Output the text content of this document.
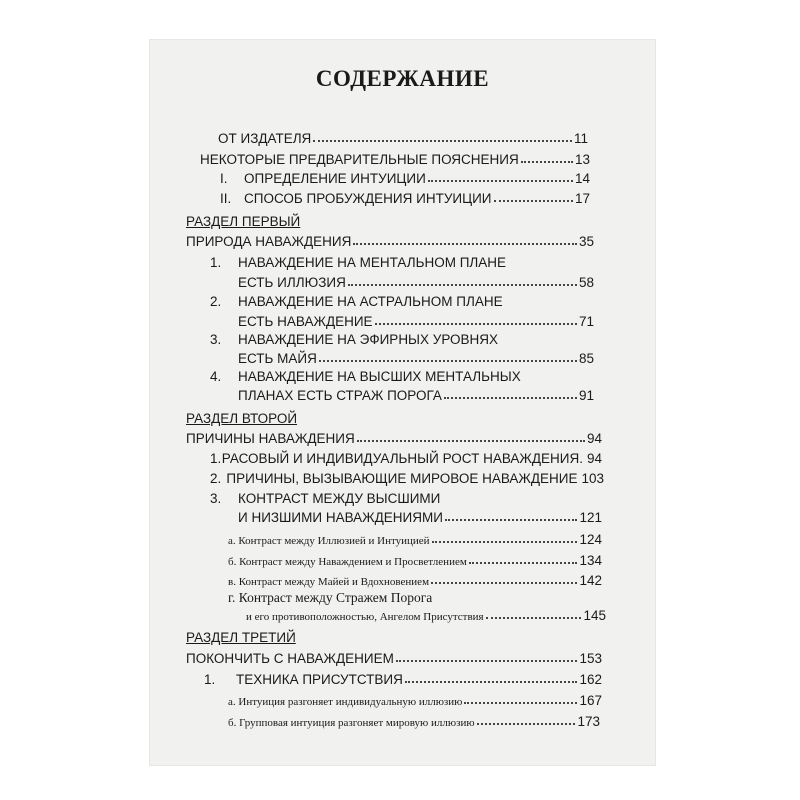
СОДЕРЖАНИЕ
ОТ ИЗДАТЕЛЯ	11
НЕКОТОРЫЕ ПРЕДВАРИТЕЛЬНЫЕ ПОЯСНЕНИЯ	13
I.	ОПРЕДЕЛЕНИЕ ИНТУИЦИИ	14
II. СПОСОБ ПРОБУЖДЕНИЯ ИНТУИЦИИ	17
РАЗДЕЛ ПЕРВЫЙ
ПРИРОДА НАВАЖДЕНИЯ	35
1. НАВАЖДЕНИЕ НА МЕНТАЛЬНОМ ПЛАНЕ
ЕСТЬ ИЛЛЮЗИЯ	58
2. НАВАЖДЕНИЕ НА АСТРАЛЬНОМ ПЛАНЕ
ЕСТЬ НАВАЖДЕНИЕ	71
3. НАВАЖДЕНИЕ НА ЭФИРНЫХ УРОВНЯХ
ЕСТЬ МАЙЯ	85
4. НАВАЖДЕНИЕ НА ВЫСШИХ МЕНТАЛЬНЫХ
ПЛАНАХ ЕСТЬ СТРАЖ ПОРОГА	91
РАЗДЕЛ ВТОРОЙ
ПРИЧИНЫ НАВАЖДЕНИЯ	94
1. РАСОВЫЙ И ИНДИВИДУАЛЬНЫЙ РОСТ НАВАЖДЕНИЯ. 94
2. ПРИЧИНЫ, ВЫЗЫВАЮЩИЕ МИРОВОЕ НАВАЖДЕНИЕ 103
3. КОНТРАСТ МЕЖДУ ВЫСШИМИ
И НИЗШИМИ НАВАЖДЕНИЯМИ	121
а. Контраст между Иллюзией и Интуицией	124
б. Контраст между Наваждением и Просветлением	134
в. Контраст между Майей и Вдохновением	142
г. Контраст между Стражем Порога
и его противоположностью, Ангелом Присутствия	145
РАЗДЕЛ ТРЕТИЙ
ПОКОНЧИТЬ С НАВАЖДЕНИЕМ	153
1.	ТЕХНИКА ПРИСУТСТВИЯ	162
а. Интуиция разгоняет индивидуальную иллюзию	167
б. Групповая интуиция разгоняет мировую иллюзию	173
